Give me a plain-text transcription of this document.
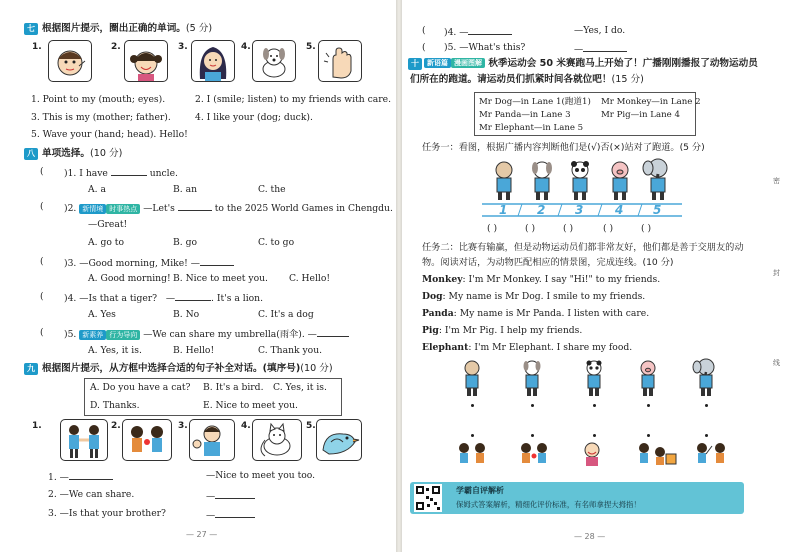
七 根据图片提示，圈出正确的单词。(5 分)
1.	2.	3.	4.	5.
1. Point to my (mouth; eyes).	2. I (smile; listen) to my friends with care.
3. This is my (mother; father).	4. I like your (dog; duck).
5. Wave your (hand; head). Hello!
八 单项选择。(10 分)
( )1. I have	uncle.
A. a	B. an	C. the
( )2. 新情境 时事热点 —Let's	to the 2025 World Games in Chengdu.
—Great!
A. go to	B. go	C. to go
( )3. —Good morning, Mike! —
A. Good morning! B. Nice to meet you. C. Hello!
( )4. —Is that a tiger? —	. It's a lion.
A. Yes	B. No	C. It's a dog
( )5. 新素养 行为导向 —We can share my umbrella(雨伞). —
A. Yes, it is.	B. Hello!	C. Thank you.
九 根据图片提示，从方框中选择合适的句子补全对话。(填序号)(10 分)
A. Do you have a cat? B. It's a bird. C. Yes, it is.
D. Thanks.	E. Nice to meet you.
1.	2.	3.	4.	5.
1. —	—Nice to meet you too.
2. —We can share.	—
3. —Is that your brother?	—
— 27 —
( )4. —	—Yes, I do.
( )5. —What's this?	—
十	新语篇 漫画图解 秋季运动会 50 米赛跑马上开始了！广播刚刚播报了动物运动员
们所在的跑道。请运动员们抓紧时间各就位吧！(15 分)
Mr Dog—in Lane 1(跑道1) Mr Monkey—in Lane 2
Mr Panda—in Lane 3	Mr Pig—in Lane 4
Mr Elephant—in Lane 5
任务一：看图，根据广播内容判断他们是(√)否(×)站对了跑道。(5 分)
1 2 3	4 5
( )	( )	( )	( )	( )
任务二：比赛有输赢，但是动物运动员们都非常友好，他们都是善于交朋友的动
物。阅读对话，为动物匹配相应的情景图，完成连线。(10 分)
Monkey: I'm Mr Monkey. I say "Hi!" to my friends.
Dog: My name is Mr Dog. I smile to my friends.
Panda: My name is Mr Panda. I listen with care.
Pig: I'm Mr Pig. I help my friends.
Elephant: I'm Mr Elephant. I share my food.
学霸自评解析
保姆式答案解析，精细化评价标准，有名师拿捏大拇指！
密
封
线
— 28 —
